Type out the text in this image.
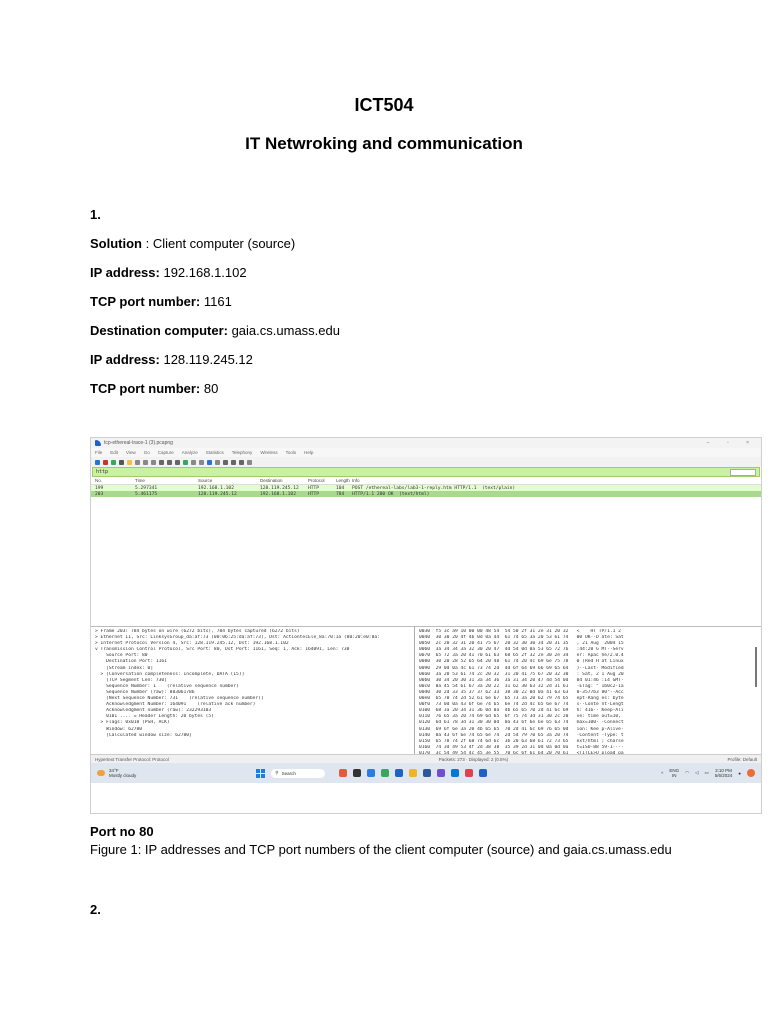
ICT504
IT Netwroking and communication
1.
Solution : Client computer (source)
IP address: 192.168.1.102
TCP port number: 1161
Destination computer: gaia.cs.umass.edu
IP address: 128.119.245.12
TCP port number: 80
tcp-ethereal-trace-1 (3).pcapng	– ▫ ×
File Edit View Go Capture Analyze Statistics Telephony Wireless Tools Help
http
No.	Time	Source	Destination	Protocol	Length Info
199	5.297341	192.168.1.102	128.119.245.12	HTTP	104	POST /ethereal-labs/lab3-1-reply.htm HTTP/1.1  (text/plain)
203	5.461175	128.119.245.12	192.168.1.102	HTTP	784	HTTP/1.1 200 OK  (text/html)
> Frame 203: 784 bytes on wire (6272 bits), 784 bytes captured (6272 bits)
> Ethernet II, Src: LinksysGroup_da:af:73 (00:06:25:da:af:73), Dst: ActiontecEle_8a:70:1a (00:20:e0:8a:
> Internet Protocol Version 4, Src: 128.119.245.12, Dst: 192.168.1.102
v Transmission Control Protocol, Src Port: 80, Dst Port: 1161, Seq: 1, Ack: 164091, Len: 730
Source Port: 80
Destination Port: 1161
[Stream index: 0]
> [Conversation completeness: Incomplete, DATA (15)]
[TCP Segment Len: 730]
Sequence Number: 1    (relative sequence number)
Sequence Number (raw): 883061786
[Next Sequence Number: 731    (relative sequence number)]
Acknowledgment Number: 164091    (relative ack number)
Acknowledgment number (raw): 232293103
0101 .... = Header Length: 20 bytes (5)
> Flags: 0x018 (PSH, ACK)
Window: 62780
[Calculated window size: 62780]
0030  f5 3c a9 10 00 00 48 54  54 50 2f 31 2e 31 20 32   <    HT TP/1.1 2
0040  30 30 20 4f 4b 0d 0a 44  61 74 65 3a 20 53 61 74   00 OK··D ate: Sat
0050  2c 20 32 31 20 41 75 67  20 32 30 30 34 20 31 35   , 21 Aug  2004 15
0060  3a 34 34 3a 32 30 20 47  4d 54 0d 0a 53 65 72 76   :44:20 G MT··Serv
0070  65 72 3a 20 41 70 61 63  68 65 2f 32 2e 30 2e 34   er: Apac he/2.0.4
0080  30 20 28 52 65 64 20 48  61 74 20 4c 69 6e 75 78   0 (Red H at Linux
0090  29 0d 0a 4c 61 73 74 2d  4d 6f 64 69 66 69 65 64   )··Last- Modified
00a0  3a 20 53 61 74 2c 20 32  31 20 41 75 67 20 32 30   : Sat, 2 1 Aug 20
00b0  30 34 20 30 31 3a 34 36  3a 31 34 20 47 4d 54 0d   04 01:46 :14 GMT·
00c0  0a 45 54 61 67 3a 20 22  31 62 30 63 32 2d 31 61   ·ETag: " 1b0c2-1a
00d0  30 2d 33 35 37 37 62 33  38 30 22 0d 0a 41 63 63   0-3577b3 80"··Acc
00e0  65 70 74 2d 52 61 6e 67  65 73 3a 20 62 79 74 65   ept-Rang es: byte
00f0  73 0d 0a 43 6f 6e 74 65  6e 74 2d 4c 65 6e 67 74   s··Conte nt-Lengt
0100  68 3a 20 34 31 36 0d 0a  4b 65 65 70 2d 41 6c 69   h: 416·· Keep-Ali
0110  76 65 3a 20 74 69 6d 65  6f 75 74 3d 31 30 2c 20   ve: time out=10,
0120  6d 61 78 3d 31 30 30 0d  0a 43 6f 6e 6e 65 63 74   max=100· ·Connect
0130  69 6f 6e 3a 20 4b 65 65  70 2d 41 6c 69 76 65 0d   ion: Kee p-Alive·
0140  0a 43 6f 6e 74 65 6e 74  2d 54 79 70 65 3a 20 74   ·Content -Type: t
0150  65 78 74 2f 68 74 6d 6c  3b 20 63 68 61 72 73 65   ext/html ; charse
0160  74 3d 49 53 4f 2d 38 38  35 39 2d 31 0d 0a 0d 0a   t=ISO-88 59-1····
0170  3c 54 49 54 4c 45 3e 55  70 6c 6f 61 64 20 70 61   <TITLE>U pload pa
Hypertext Transfer Protocol: Protocol	Packets: 273 · Displayed: 2 (0.5%)	Profile: Default
34°F
Mostly cloudy
⚲ Search	^ ENG
IN
◠ ◁ ▭ 3:10 PM
5/6/2024 ●
Port no 80
Figure 1: IP addresses and TCP port numbers of the client computer (source) and gaia.cs.umass.edu
2.
